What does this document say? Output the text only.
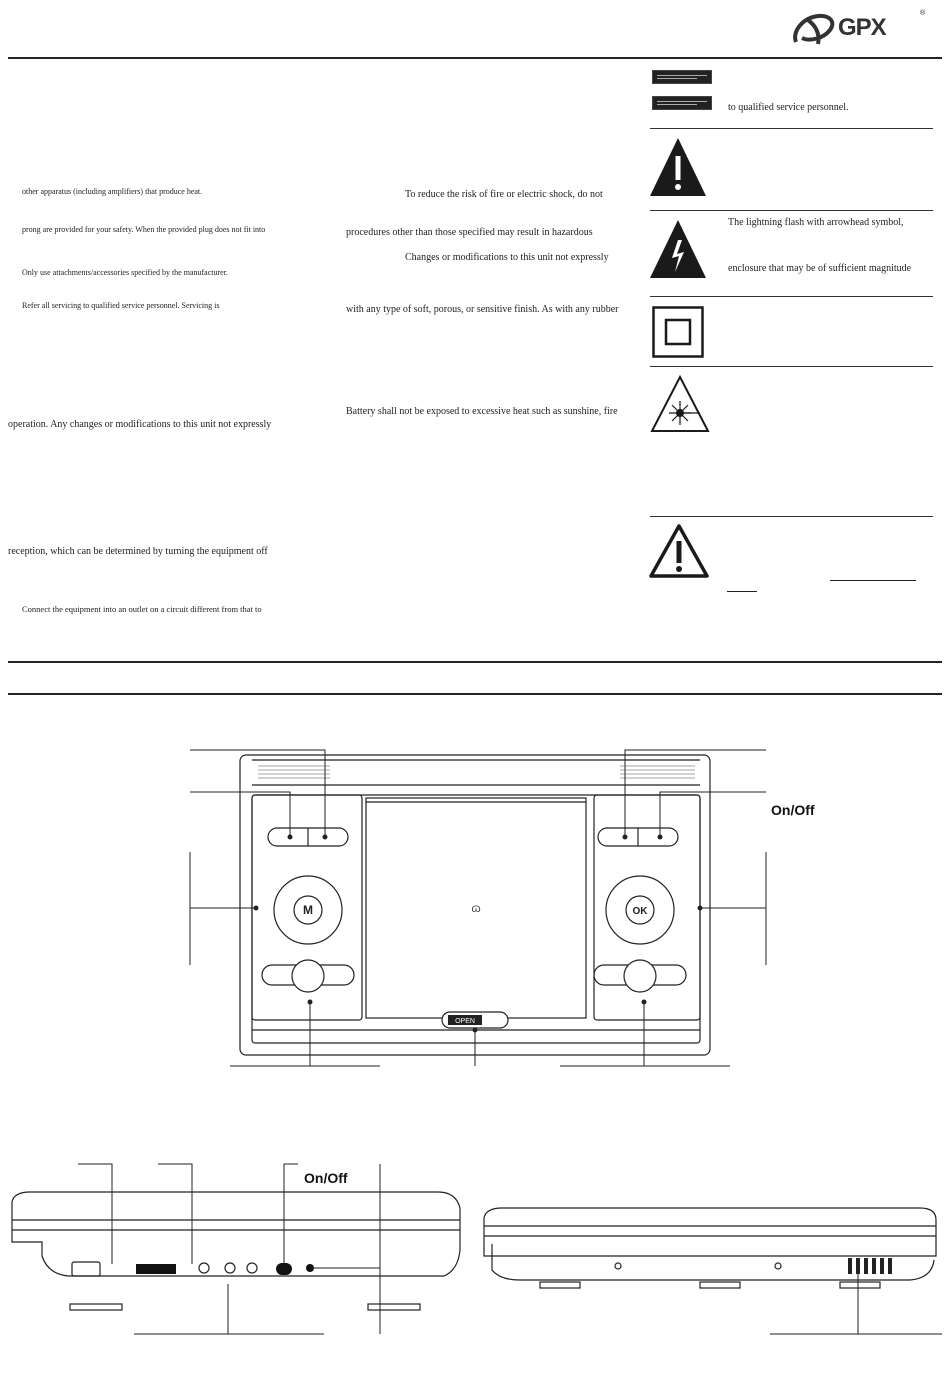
GPX
®
other apparatus (including amplifiers) that produce heat.
prong are provided for your safety. When the provided plug does not fit into
Only use attachments/accessories specified by the manufacturer.
Refer all servicing to qualified service personnel. Servicing is
operation. Any changes or modifications to this unit not expressly
reception, which can be determined by turning the equipment off
Connect the equipment into an outlet on a circuit different from that to
To reduce the risk of fire or electric shock, do not
procedures other than those specified may result in hazardous
Changes or modifications to this unit not expressly
with any type of soft, porous, or sensitive finish. As with any rubber
Battery shall not be exposed to excessive heat such as sunshine, fire
to qualified service personnel.
The lightning flash with arrowhead symbol,
enclosure that may be of sufficient magnitude
OPEN
M	OK
ɷ
On/Off
On/Off
